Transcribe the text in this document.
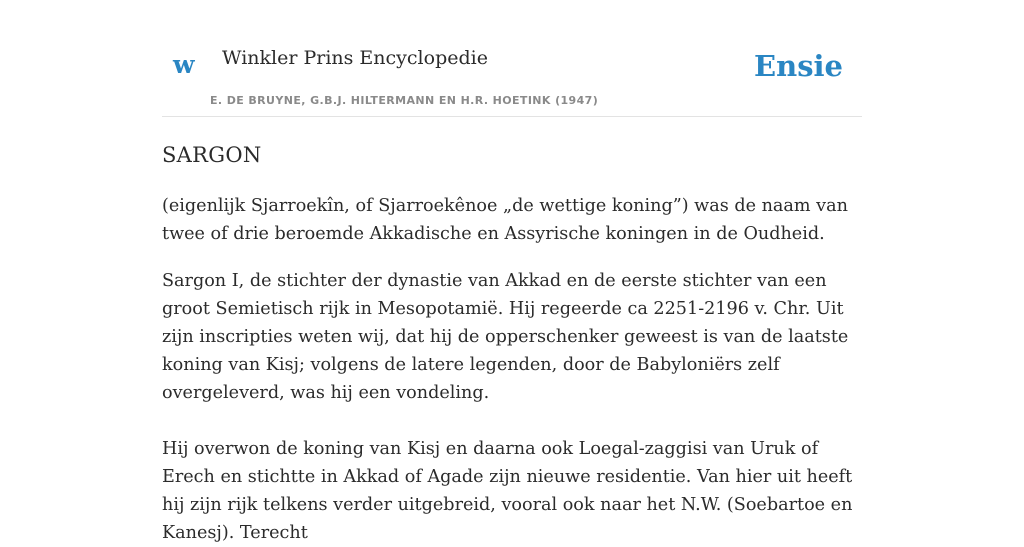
w Winkler Prins Encyclopedie
E. DE BRUYNE, G.B.J. HILTERMANN EN H.R. HOETINK (1947)
Ensie
SARGON

(eigenlijk Sjarroekîn, of Sjarroekênoe „de wettige koning”) was de naam van twee of drie beroemde Akkadische en Assyrische koningen in de Oudheid.

Sargon I, de stichter der dynastie van Akkad en de eerste stichter van een groot Semietisch rijk in Mesopotamië. Hij regeerde ca 2251-2196 v. Chr. Uit zijn inscripties weten wij, dat hij de opperschenker geweest is van de laatste koning van Kisj; volgens de latere legenden, door de Babyloniërs zelf overgeleverd, was hij een vondeling.

Hij overwon de koning van Kisj en daarna ook Loegal-zaggisi van Uruk of Erech en stichtte in Akkad of Agade zijn nieuwe residentie. Van hier uit heeft hij zijn rijk telkens verder uitgebreid, vooral ook naar het N.W. (Soebartoe en Kanesj). Terecht
